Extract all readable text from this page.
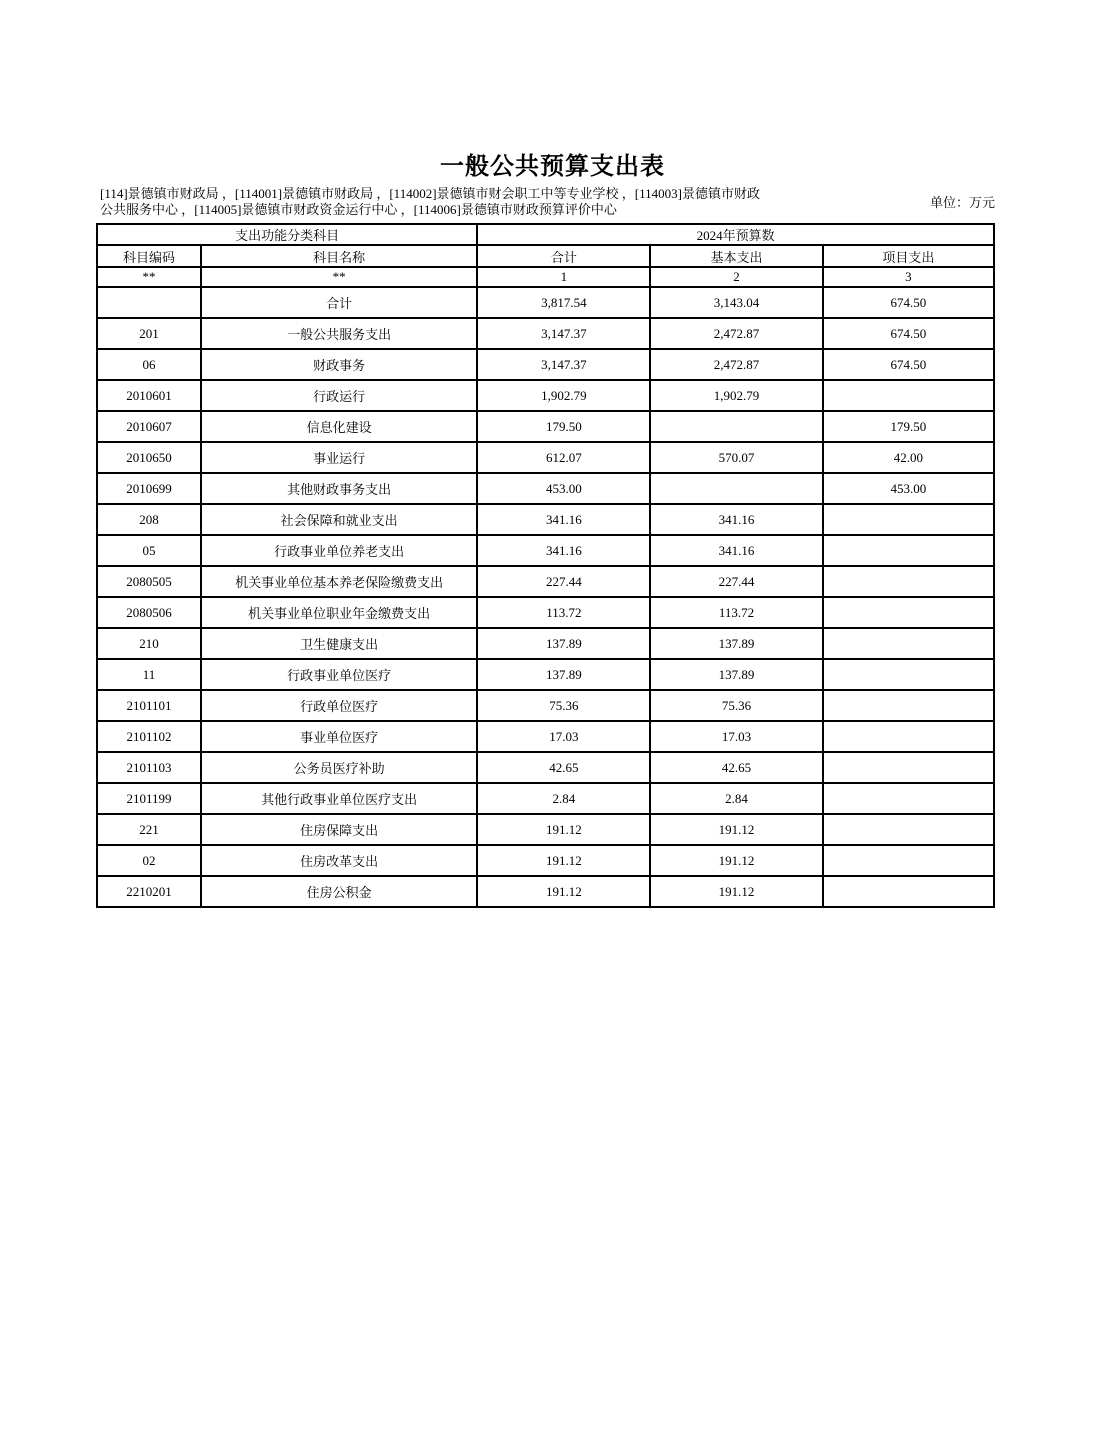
一般公共预算支出表
[114]景德镇市财政局 ，[114001]景德镇市财政局 ，[114002]景德镇市财会职工中等专业学校 ，[114003]景德镇市财政
公共服务中心 ，[114005]景德镇市财政资金运行中心 ，[114006]景德镇市财政预算评价中心	单位：万元
支出功能分类科目		2024年预算数		
科目编码	科目名称	合计	基本支出	项目支出
**	**	1	2	3
	合计	3,817.54	3,143.04	674.50
201	一般公共服务支出	3,147.37	2,472.87	674.50
06	财政事务	3,147.37	2,472.87	674.50
2010601	行政运行	1,902.79	1,902.79	
2010607	信息化建设	179.50		179.50
2010650	事业运行	612.07	570.07	42.00
2010699	其他财政事务支出	453.00		453.00
208	社会保障和就业支出	341.16	341.16	
05	行政事业单位养老支出	341.16	341.16	
2080505	机关事业单位基本养老保险缴费支出	227.44	227.44	
2080506	机关事业单位职业年金缴费支出	113.72	113.72	
210	卫生健康支出	137.89	137.89	
11	行政事业单位医疗	137.89	137.89	
2101101	行政单位医疗	75.36	75.36	
2101102	事业单位医疗	17.03	17.03	
2101103	公务员医疗补助	42.65	42.65	
2101199	其他行政事业单位医疗支出	2.84	2.84	
221	住房保障支出	191.12	191.12	
02	住房改革支出	191.12	191.12	
2210201	住房公积金	191.12	191.12	
